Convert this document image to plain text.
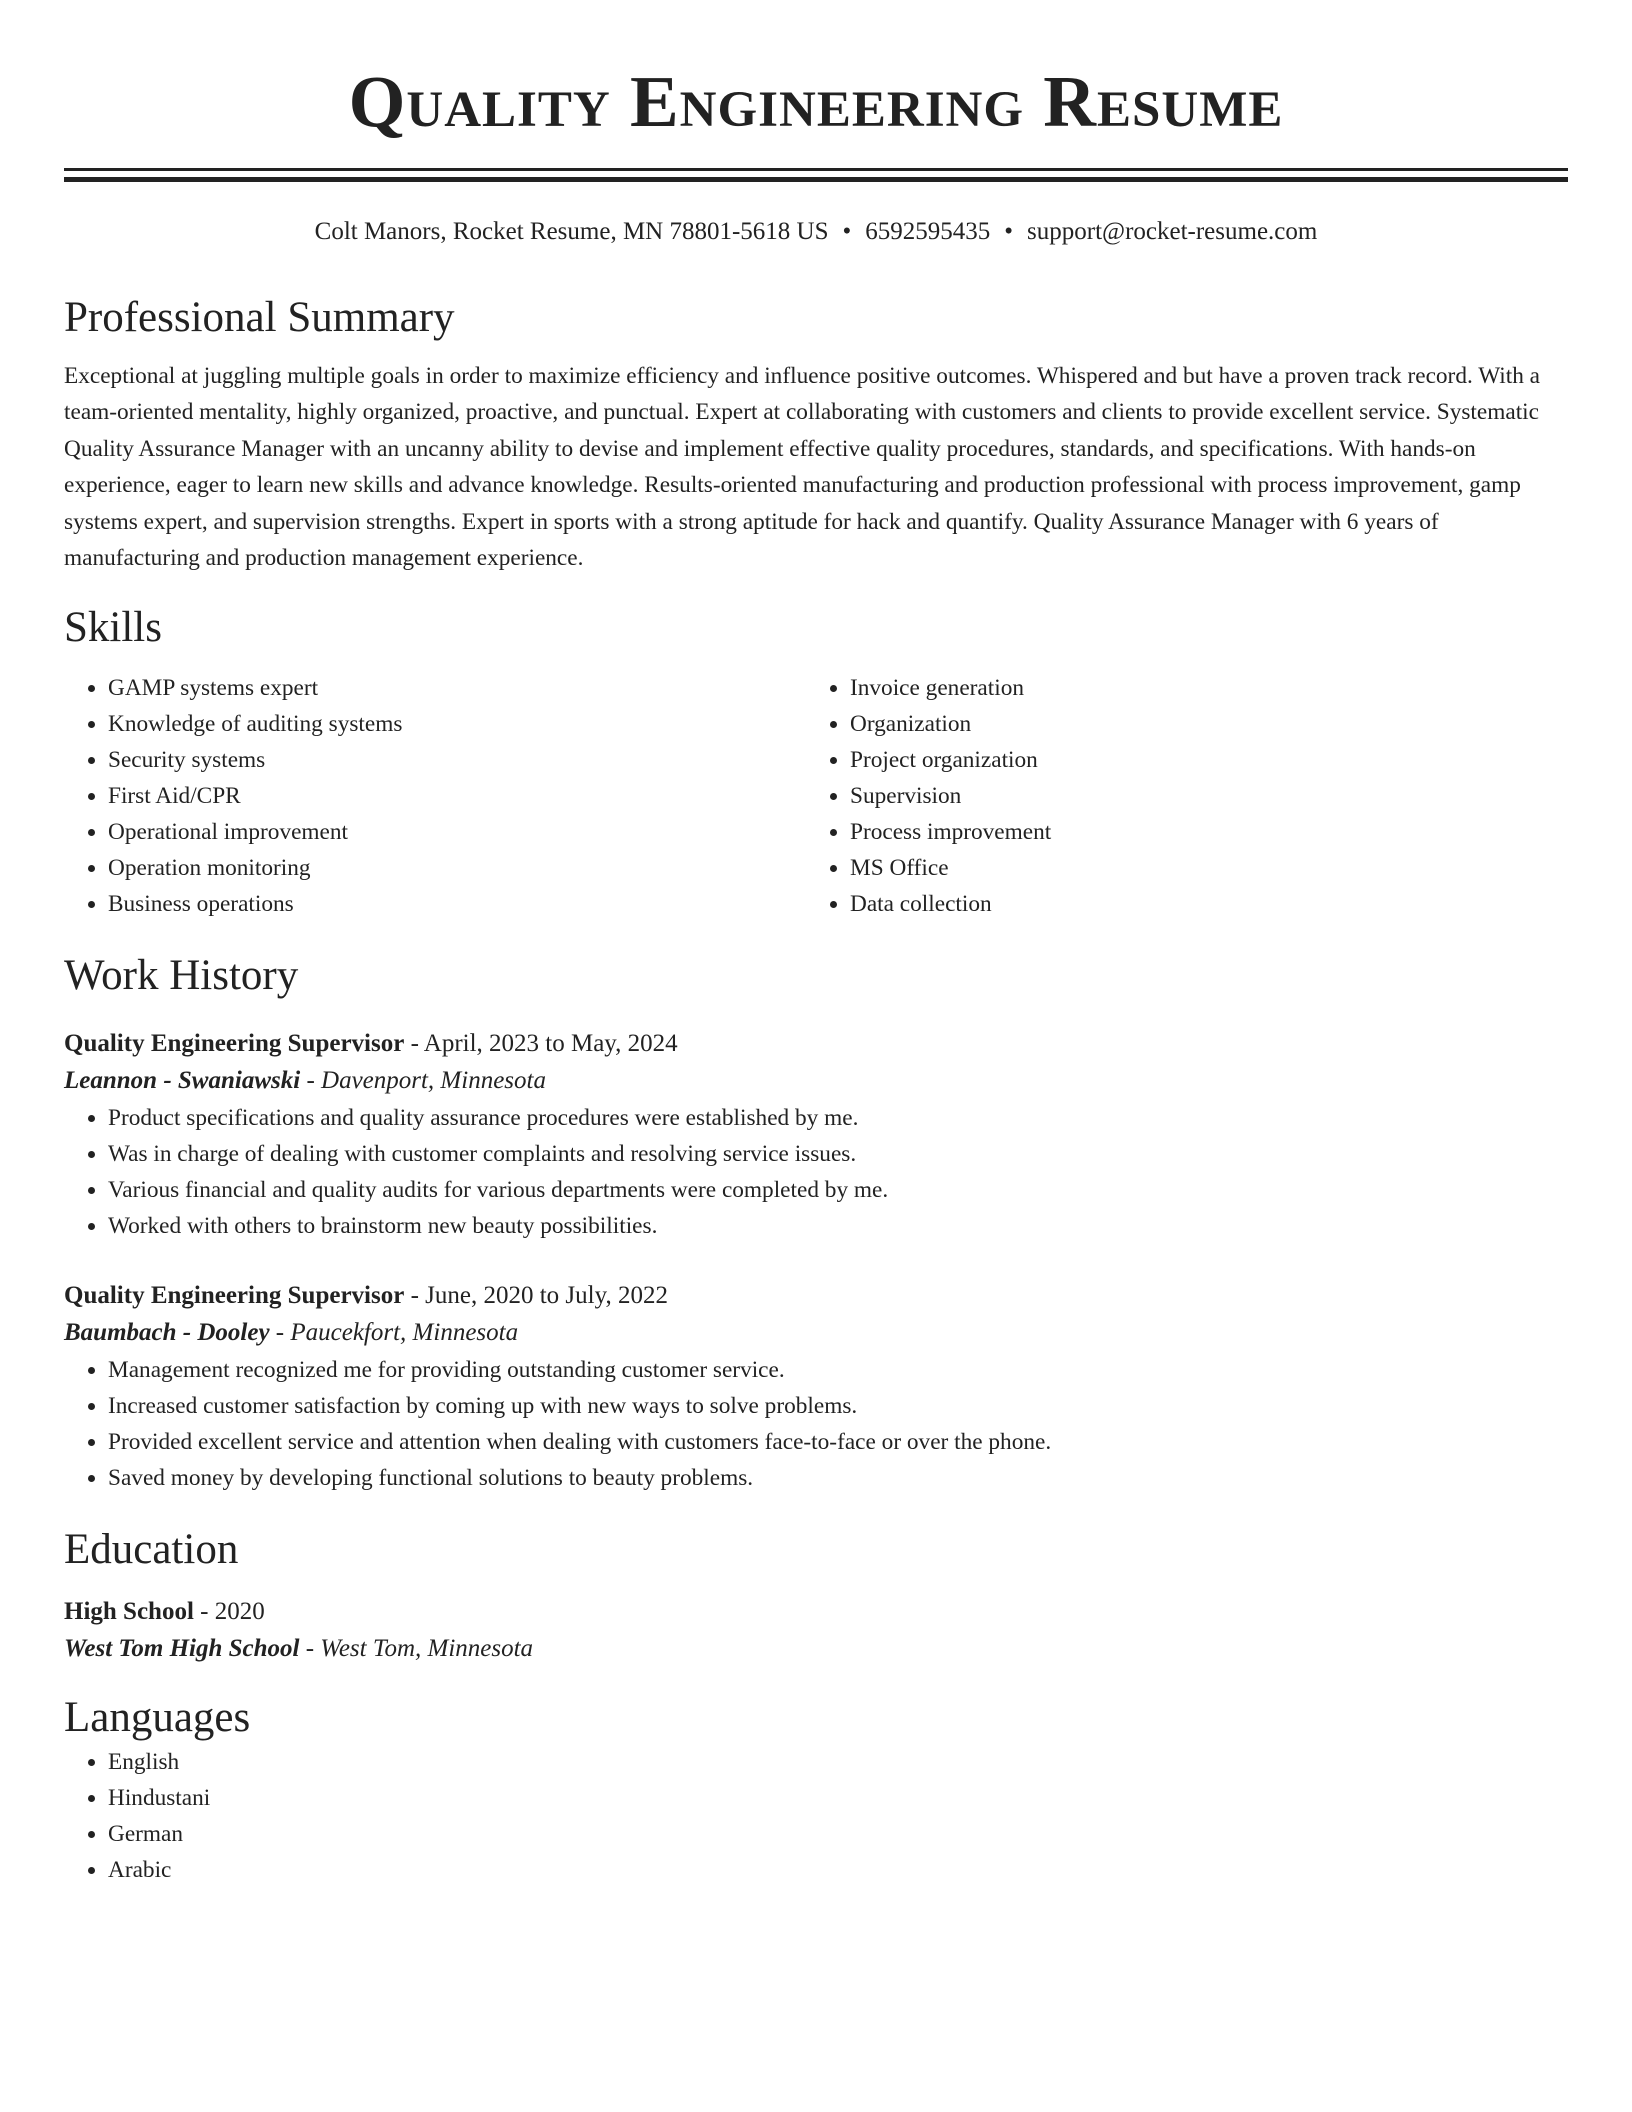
Quality Engineering Resume
Colt Manors, Rocket Resume, MN 78801-5618 US • 6592595435 • support@rocket-resume.com
Professional Summary
Exceptional at juggling multiple goals in order to maximize efficiency and influence positive outcomes. Whispered and but have a proven track record. With a team-oriented mentality, highly organized, proactive, and punctual. Expert at collaborating with customers and clients to provide excellent service. Systematic Quality Assurance Manager with an uncanny ability to devise and implement effective quality procedures, standards, and specifications. With hands-on experience, eager to learn new skills and advance knowledge. Results-oriented manufacturing and production professional with process improvement, gamp systems expert, and supervision strengths. Expert in sports with a strong aptitude for hack and quantify. Quality Assurance Manager with 6 years of manufacturing and production management experience.
Skills
• GAMP systems expert
• Knowledge of auditing systems
• Security systems
• First Aid/CPR
• Operational improvement
• Operation monitoring
• Business operations
• Invoice generation
• Organization
• Project organization
• Supervision
• Process improvement
• MS Office
• Data collection
Work History
Quality Engineering Supervisor - April, 2023 to May, 2024
Leannon - Swaniawski - Davenport, Minnesota
• Product specifications and quality assurance procedures were established by me.
• Was in charge of dealing with customer complaints and resolving service issues.
• Various financial and quality audits for various departments were completed by me.
• Worked with others to brainstorm new beauty possibilities.
Quality Engineering Supervisor - June, 2020 to July, 2022
Baumbach - Dooley - Paucekfort, Minnesota
• Management recognized me for providing outstanding customer service.
• Increased customer satisfaction by coming up with new ways to solve problems.
• Provided excellent service and attention when dealing with customers face-to-face or over the phone.
• Saved money by developing functional solutions to beauty problems.
Education
High School - 2020
West Tom High School - West Tom, Minnesota
Languages
• English
• Hindustani
• German
• Arabic
